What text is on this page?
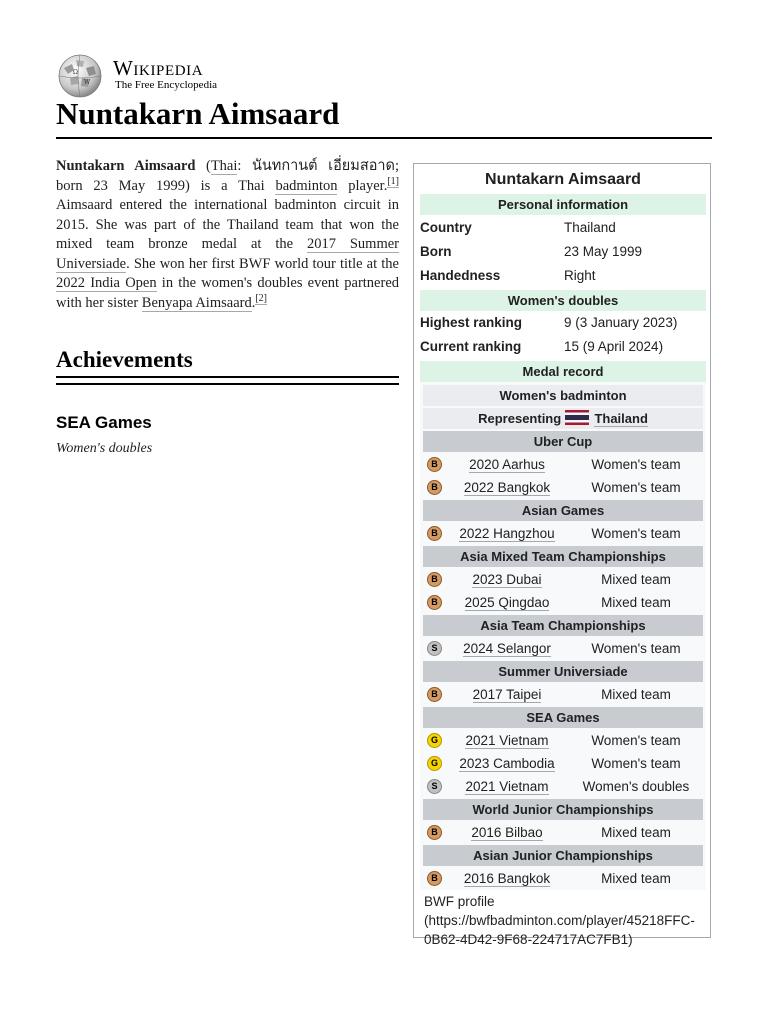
Ω
W
Wikipedia
The Free Encyclopedia
Nuntakarn Aimsaard

Nuntakarn Aimsaard (Thai: นันทกานต์ เอี่ยมสอาด; born 23 May 1999) is a Thai badminton player.[1] Aimsaard entered the international badminton circuit in 2015. She was part of the Thailand team that won the mixed team bronze medal at the 2017 Summer Universiade. She won her first BWF world tour title at the 2022 India Open in the women's doubles event partnered with her sister Benyapa Aimsaard.[2]

Achievements
SEA Games

Women's doubles

Nuntakarn Aimsaard
Personal information
Country	Thailand
Born	23 May 1999
Handedness	Right
Women's doubles
Highest ranking	9 (3 January 2023)
Current ranking	15 (9 April 2024)
Medal record
Women's badminton
Representing	Thailand
Uber Cup
B	2020 Aarhus	Women's team
B	2022 Bangkok	Women's team
Asian Games
B	2022 Hangzhou	Women's team
Asia Mixed Team Championships
B	2023 Dubai	Mixed team
B	2025 Qingdao	Mixed team
Asia Team Championships
S	2024 Selangor	Women's team
Summer Universiade
B	2017 Taipei	Mixed team
SEA Games
G	2021 Vietnam	Women's team
G	2023 Cambodia	Women's team
S	2021 Vietnam	Women's doubles
World Junior Championships
B	2016 Bilbao	Mixed team
Asian Junior Championships
B	2016 Bangkok	Mixed team
BWF profile (https://bwfbadminton.com/player/45218FFC-0B62-4D42-9F68-224717AC7FB1)
